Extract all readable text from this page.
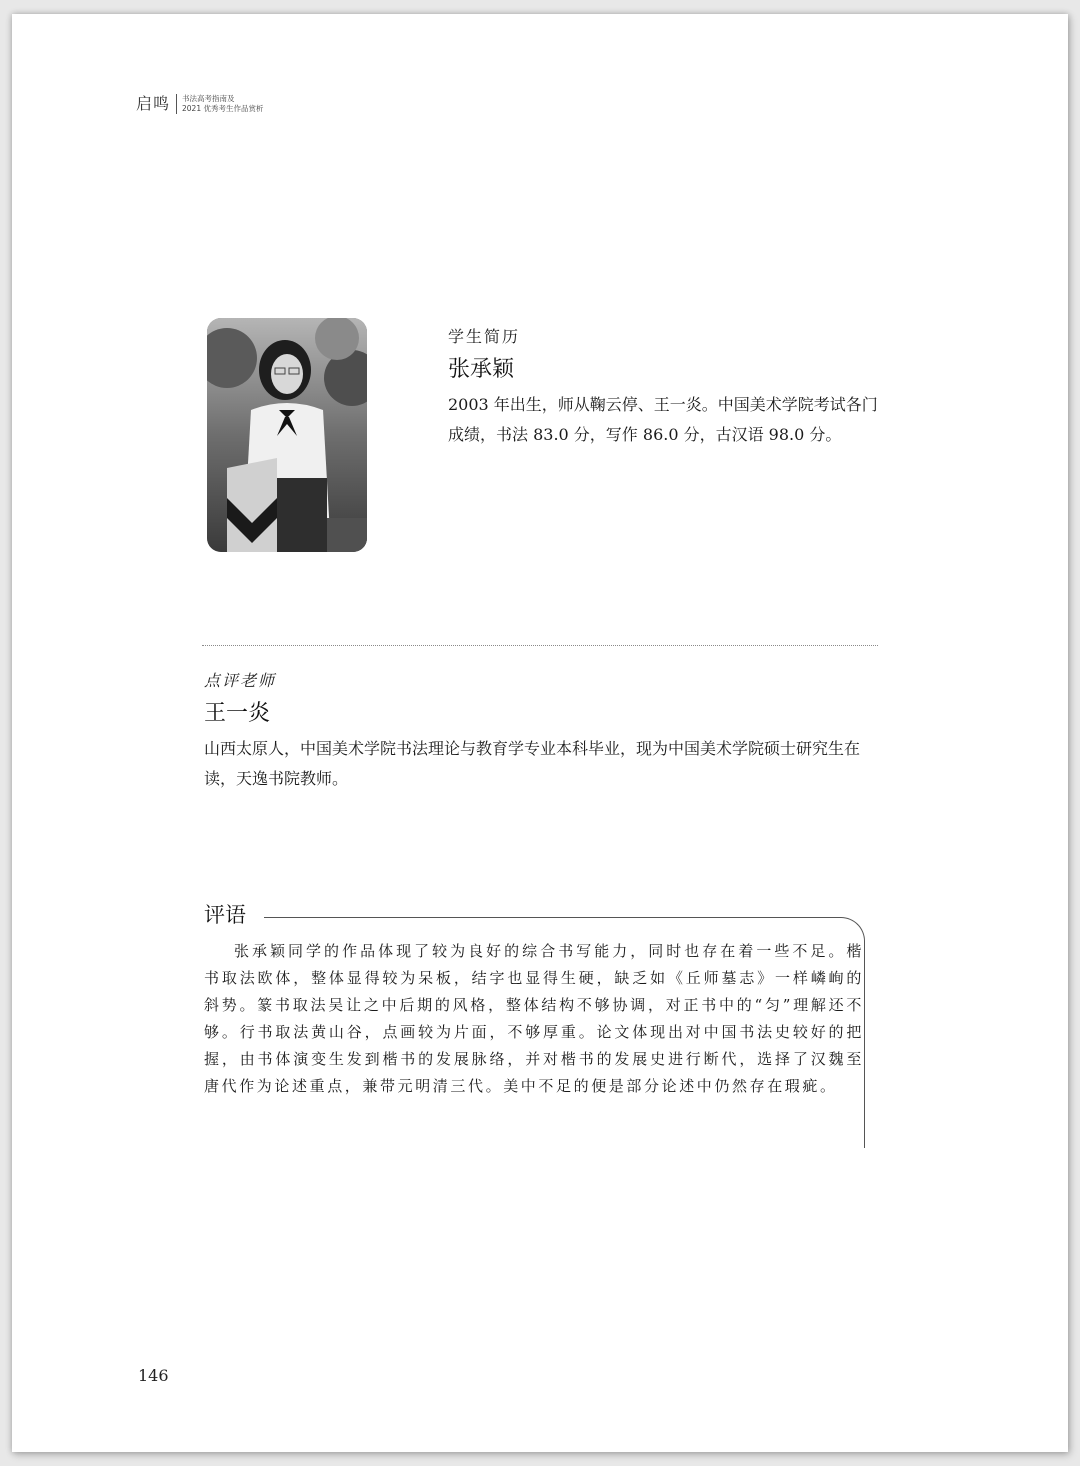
启鸣	书法高考指南及
2021 优秀考生作品赏析

学生简历

张承颖

2003 年出生，师从鞠云停、王一炎。中国美术学院考试各门成绩，书法 83.0 分，写作 86.0 分，古汉语 98.0 分。

点评老师

王一炎

山西太原人，中国美术学院书法理论与教育学专业本科毕业，现为中国美术学院硕士研究生在读，天逸书院教师。

评语

张承颖同学的作品体现了较为良好的综合书写能力，同时也存在着一些不足。楷书取法欧体，整体显得较为呆板，结字也显得生硬，缺乏如《丘师墓志》一样嶙峋的斜势。篆书取法吴让之中后期的风格，整体结构不够协调，对正书中的“匀”理解还不够。行书取法黄山谷，点画较为片面，不够厚重。论文体现出对中国书法史较好的把握，由书体演变生发到楷书的发展脉络，并对楷书的发展史进行断代，选择了汉魏至唐代作为论述重点，兼带元明清三代。美中不足的便是部分论述中仍然存在瑕疵。

146
